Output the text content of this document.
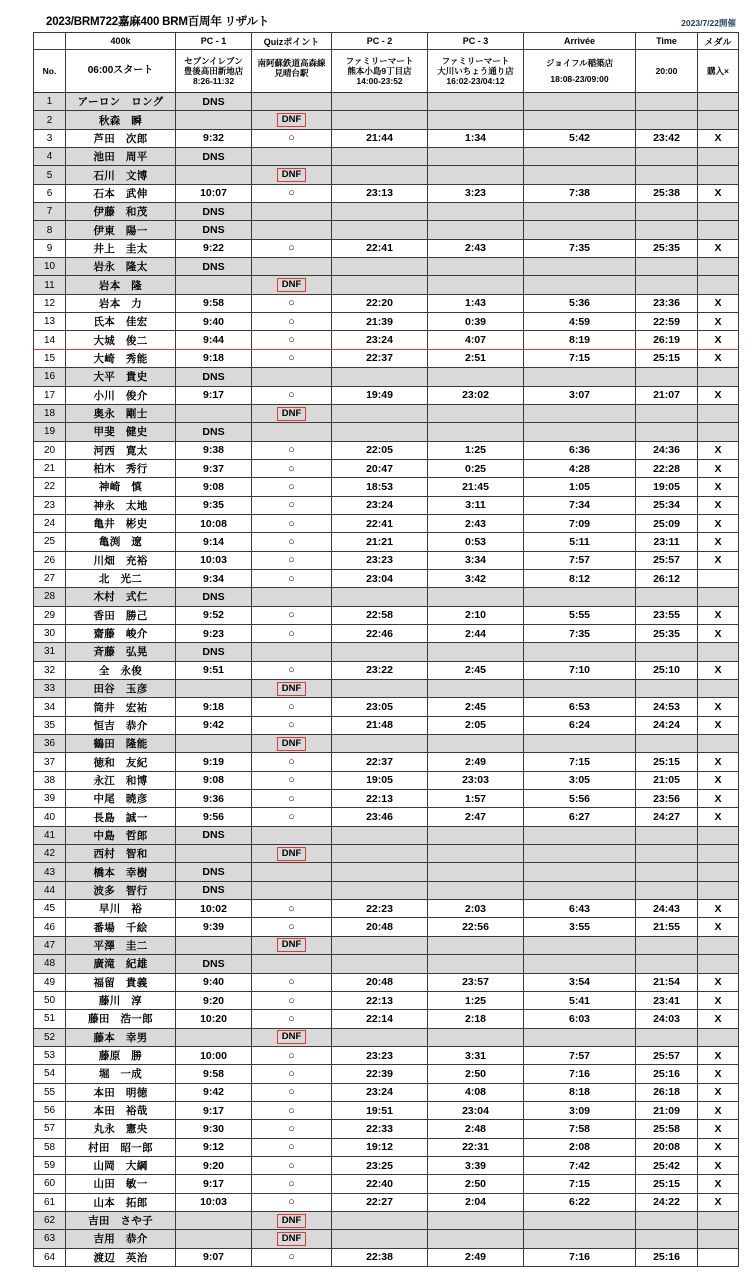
2023/BRM722嘉麻400 BRM百周年 リザルト	2023/7/22開催
	400k	PC - 1	Quizポイント	PC - 2	PC - 3	Arrivée	Time	メダル
No.	06:00スタート	セブンイレブン
豊後高田新地店
8:26-11:32	南阿蘇鉄道高森線
見晴台駅	ファミリーマート
熊本小島9丁目店
14:00-23:52	ファミリーマート
大川いちょう通り店
16:02-23/04:12	ジョイフル稲築店
18:08-23/09:00	20:00	購入×
1	アーロン　ロング	DNS						
2	秋森　瞬		DNF					
3	芦田　次郎	9:32	○	21:44	1:34	5:42	23:42	X
4	池田　周平	DNS						
5	石川　文博		DNF					
6	石本　武伸	10:07	○	23:13	3:23	7:38	25:38	X
7	伊藤　和茂	DNS						
8	伊東　陽一	DNS						
9	井上　圭太	9:22	○	22:41	2:43	7:35	25:35	X
10	岩永　隆太	DNS						
11	岩本　隆		DNF					
12	岩本　力	9:58	○	22:20	1:43	5:36	23:36	X
13	氏本　佳宏	9:40	○	21:39	0:39	4:59	22:59	X
14	大城　俊二	9:44	○	23:24	4:07	8:19	26:19	X
15	大崎　秀能	9:18	○	22:37	2:51	7:15	25:15	X
16	大平　貴史	DNS						
17	小川　俊介	9:17	○	19:49	23:02	3:07	21:07	X
18	奥永　剛士		DNF					
19	甲斐　健史	DNS						
20	河西　寛太	9:38	○	22:05	1:25	6:36	24:36	X
21	柏木　秀行	9:37	○	20:47	0:25	4:28	22:28	X
22	神崎　慎	9:08	○	18:53	21:45	1:05	19:05	X
23	神永　太地	9:35	○	23:24	3:11	7:34	25:34	X
24	亀井　彬史	10:08	○	22:41	2:43	7:09	25:09	X
25	亀渕　遼	9:14	○	21:21	0:53	5:11	23:11	X
26	川畑　充裕	10:03	○	23:23	3:34	7:57	25:57	X
27	北　光二	9:34	○	23:04	3:42	8:12	26:12	
28	木村　式仁	DNS						
29	香田　勝己	9:52	○	22:58	2:10	5:55	23:55	X
30	齋藤　峻介	9:23	○	22:46	2:44	7:35	25:35	X
31	斉藤　弘晃	DNS						
32	全　永俊	9:51	○	23:22	2:45	7:10	25:10	X
33	田谷　玉彦		DNF					
34	筒井　宏祐	9:18	○	23:05	2:45	6:53	24:53	X
35	恒吉　恭介	9:42	○	21:48	2:05	6:24	24:24	X
36	鶴田　隆能		DNF					
37	徳和　友紀	9:19	○	22:37	2:49	7:15	25:15	X
38	永江　和博	9:08	○	19:05	23:03	3:05	21:05	X
39	中尾　暁彦	9:36	○	22:13	1:57	5:56	23:56	X
40	長島　誠一	9:56	○	23:46	2:47	6:27	24:27	X
41	中島　哲郎	DNS						
42	西村　智和		DNF					
43	橋本　幸樹	DNS						
44	波多　智行	DNS						
45	早川　裕	10:02	○	22:23	2:03	6:43	24:43	X
46	番場　千絵	9:39	○	20:48	22:56	3:55	21:55	X
47	平澤　圭二		DNF					
48	廣滝　紀雄	DNS						
49	福留　貴義	9:40	○	20:48	23:57	3:54	21:54	X
50	藤川　淳	9:20	○	22:13	1:25	5:41	23:41	X
51	藤田　浩一郎	10:20	○	22:14	2:18	6:03	24:03	X
52	藤本　幸男		DNF					
53	藤原　勝	10:00	○	23:23	3:31	7:57	25:57	X
54	堀　一成	9:58	○	22:39	2:50	7:16	25:16	X
55	本田　明徳	9:42	○	23:24	4:08	8:18	26:18	X
56	本田　裕哉	9:17	○	19:51	23:04	3:09	21:09	X
57	丸永　憲央	9:30	○	22:33	2:48	7:58	25:58	X
58	村田　昭一郎	9:12	○	19:12	22:31	2:08	20:08	X
59	山岡　大綱	9:20	○	23:25	3:39	7:42	25:42	X
60	山田　敏一	9:17	○	22:40	2:50	7:15	25:15	X
61	山本　拓郎	10:03	○	22:27	2:04	6:22	24:22	X
62	吉田　さや子		DNF					
63	吉用　恭介		DNF					
64	渡辺　英治	9:07	○	22:38	2:49	7:16	25:16	
